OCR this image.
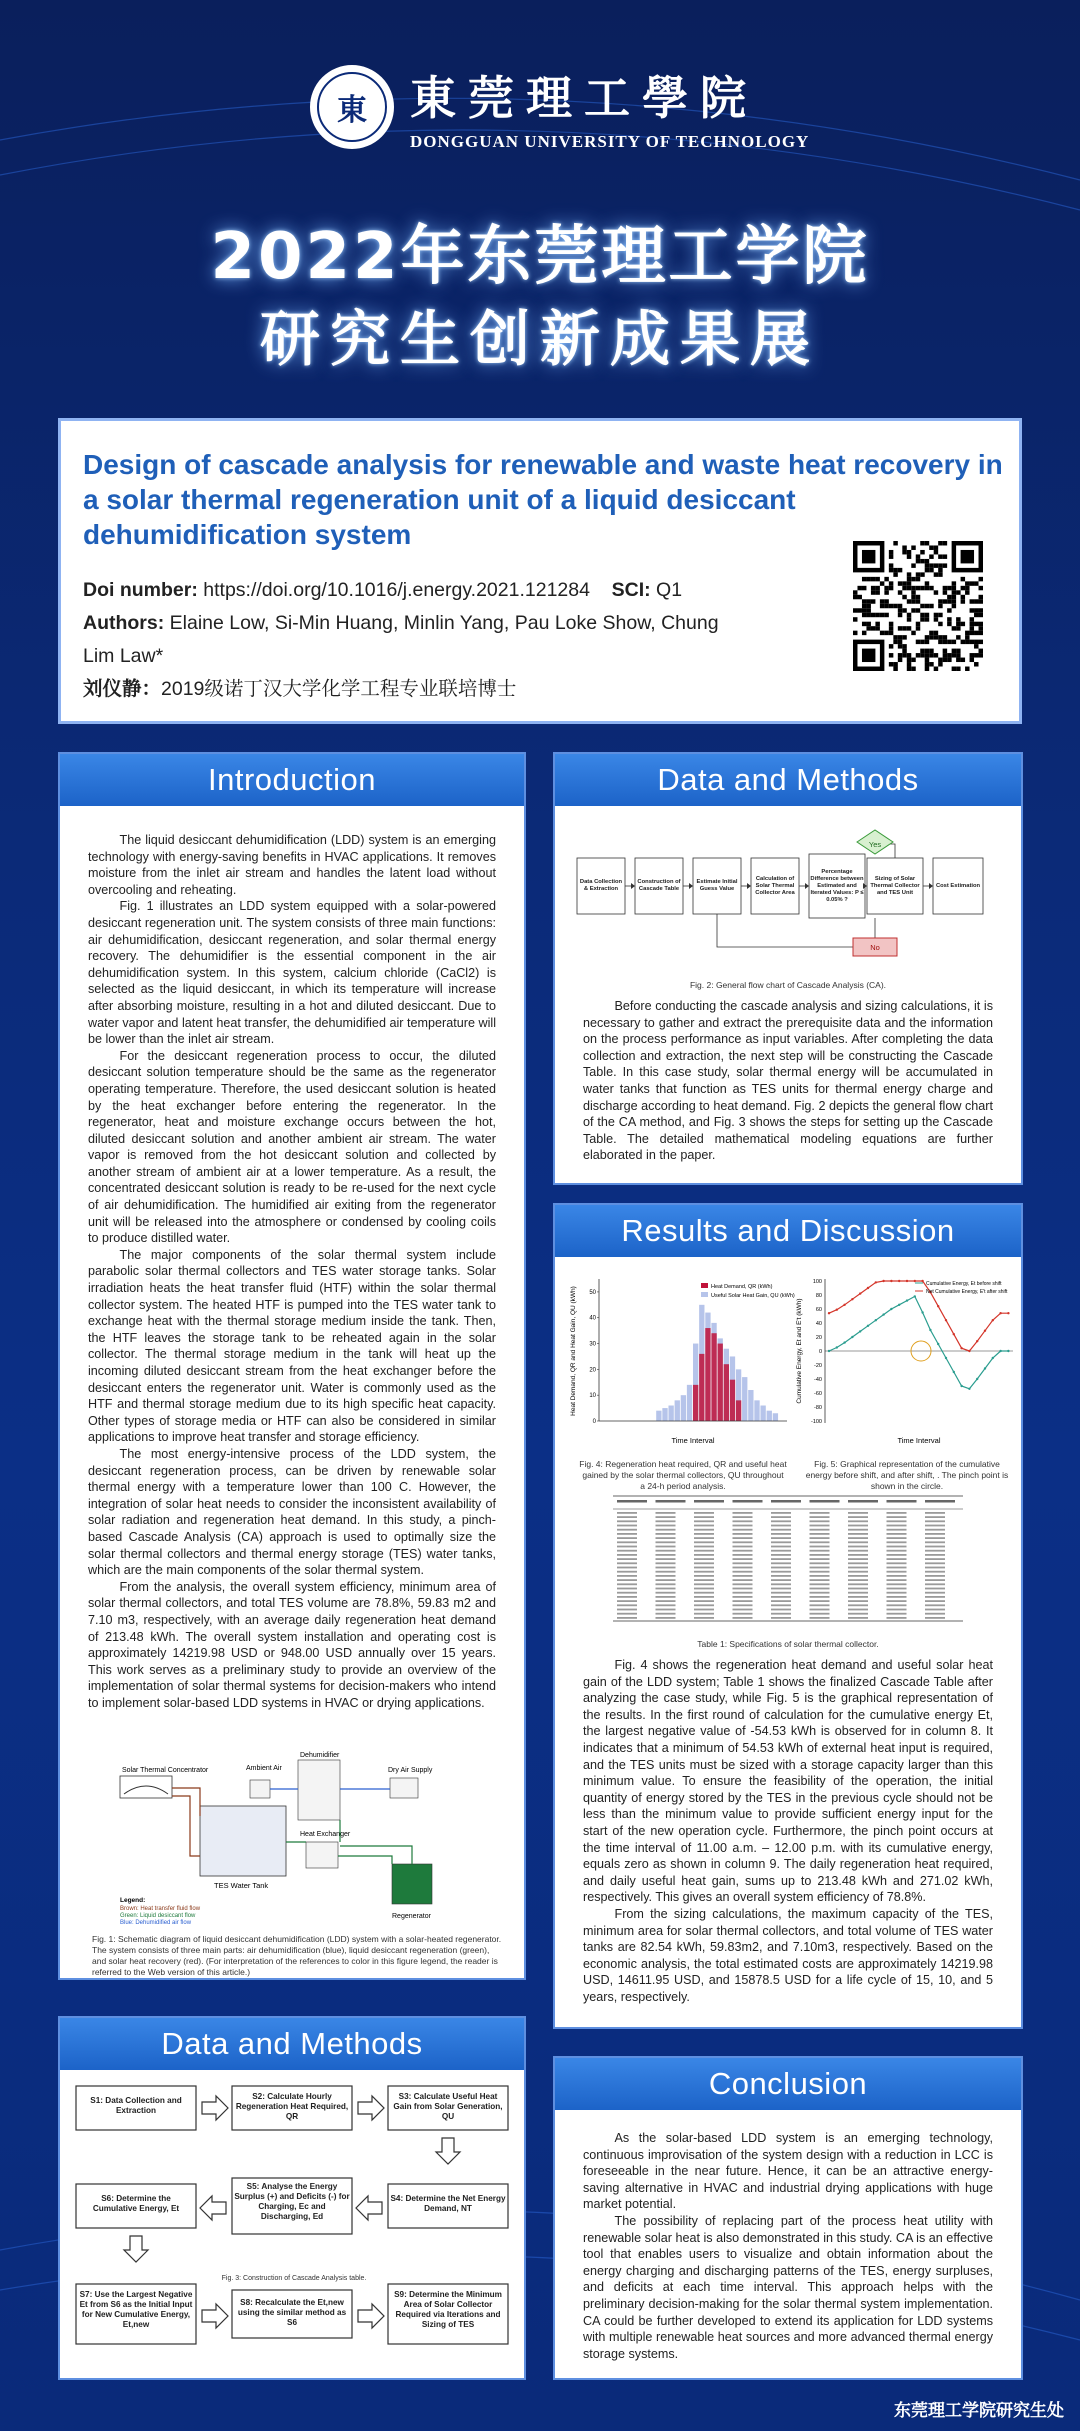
東 東莞理工學院
DONGGUAN UNIVERSITY OF TECHNOLOGY
2022年东莞理工学院
研究生创新成果展
Design of cascade analysis for renewable and waste heat recovery in a solar thermal regeneration unit of a liquid desiccant dehumidification system
Doi number: https://doi.org/10.1016/j.energy.2021.121284 SCI: Q1
Authors: Elaine Low, Si-Min Huang, Minlin Yang, Pau Loke Show, Chung Lim Law*
刘仪静：2019级诺丁汉大学化学工程专业联培博士
Introduction

The liquid desiccant dehumidification (LDD) system is an emerging technology with energy-saving benefits in HVAC applications. It removes moisture from the inlet air stream and handles the latent load without overcooling and reheating.

Fig. 1 illustrates an LDD system equipped with a solar-powered desiccant regeneration unit. The system consists of three main functions: air dehumidification, desiccant regeneration, and solar thermal energy recovery. The dehumidifier is the essential component in the air dehumidification system. In this system, calcium chloride (CaCl2) is selected as the liquid desiccant, in which its temperature will increase after absorbing moisture, resulting in a hot and diluted desiccant. Due to water vapor and latent heat transfer, the dehumidified air temperature will be lower than the inlet air stream.

For the desiccant regeneration process to occur, the diluted desiccant solution temperature should be the same as the regenerator operating temperature. Therefore, the used desiccant solution is heated by the heat exchanger before entering the regenerator. In the regenerator, heat and moisture exchange occurs between the hot, diluted desiccant solution and another ambient air stream. The water vapor is removed from the hot desiccant solution and collected by another stream of ambient air at a lower temperature. As a result, the concentrated desiccant solution is ready to be re-used for the next cycle of air dehumidification. The humidified air exiting from the regenerator unit will be released into the atmosphere or condensed by cooling coils to produce distilled water.

The major components of the solar thermal system include parabolic solar thermal collectors and TES water storage tanks. Solar irradiation heats the heat transfer fluid (HTF) within the solar thermal collector system. The heated HTF is pumped into the TES water tank to exchange heat with the thermal storage medium inside the tank. Then, the HTF leaves the storage tank to be reheated again in the solar collector. The thermal storage medium in the tank will heat up the incoming diluted desiccant stream from the heat exchanger before the desiccant enters the regenerator unit. Water is commonly used as the HTF and thermal storage medium due to its high specific heat capacity. Other types of storage media or HTF can also be considered in similar applications to improve heat transfer and storage efficiency.

The most energy-intensive process of the LDD system, the desiccant regeneration process, can be driven by renewable solar thermal energy with a temperature lower than 100 C. However, the integration of solar heat needs to consider the inconsistent availability of solar radiation and regeneration heat demand. In this study, a pinch-based Cascade Analysis (CA) approach is used to optimally size the solar thermal collectors and thermal energy storage (TES) water tanks, which are the main components of the solar thermal system.

From the analysis, the overall system efficiency, minimum area of solar thermal collectors, and total TES volume are 78.8%, 59.83 m2 and 7.10 m3, respectively, with an average daily regeneration heat demand of 213.48 kWh. The overall system installation and operating cost is approximately 14219.98 USD or 948.00 USD annually over 15 years. This work serves as a preliminary study to provide an overview of the implementation of solar thermal systems for decision-makers who intend to implement solar-based LDD systems in HVAC or drying applications.

Solar Thermal Concentrator	Ambient Air
Dehumidifier
Dry Air Supply
TES Water Tank
Heat Exchanger
Regenerator
Legend:
Brown: Heat transfer fluid flow
Green: Liquid desiccant flow
Blue: Dehumidified air flow
Fig. 1: Schematic diagram of liquid desiccant dehumidification (LDD) system with a solar-heated regenerator. The system consists of three main parts: air dehumidification (blue), liquid desiccant regeneration (green), and solar heat recovery (red). (For interpretation of the references to color in this figure legend, the reader is referred to the Web version of this article.)
Data and Methods
Data Collection & Extraction
Construction of Cascade Table
Estimate Initial Guess Value
Calculation of Solar Thermal Collector Area
Percentage Difference between Estimated and Iterated Values: P ≤ 0.05% ?
Sizing of Solar Thermal Collector and TES Unit
Cost Estimation
Yes
No
Fig. 2: General flow chart of Cascade Analysis (CA).

Before conducting the cascade analysis and sizing calculations, it is necessary to gather and extract the prerequisite data and the information on the process performance as input variables. After completing the data collection and extraction, the next step will be constructing the Cascade Table. In this case study, solar thermal energy will be accumulated in water tanks that function as TES units for thermal energy charge and discharge according to heat demand. Fig. 2 depicts the general flow chart of the CA method, and Fig. 3 shows the steps for setting up the Cascade Table. The detailed mathematical modeling equations are further elaborated in the paper.

Results and Discussion
0
10
20
30
40
50
Heat Demand, QR and Heat Gain, QU (kWh)
Time Interval
Heat Demand, QR (kWh)
Useful Solar Heat Gain, QU (kWh)
100
80
60
40
20
0
-20
-40
-60
-80
-100
Cumulative Energy, Et and E't (kWh)
Time Interval
Cumulative Energy, Et before shift
Net Cumulative Energy, E't after shift
Fig. 4: Regeneration heat required, QR and useful heat gained by the solar thermal collectors, QU throughout a 24-h period analysis.
Fig. 5: Graphical representation of the cumulative energy before shift, and after shift, . The pinch point is shown in the circle.
Table 1: Specifications of solar thermal collector.

Fig. 4 shows the regeneration heat demand and useful solar heat gain of the LDD system; Table 1 shows the finalized Cascade Table after analyzing the case study, while Fig. 5 is the graphical representation of the results. In the first round of calculation for the cumulative energy Et, the largest negative value of -54.53 kWh is observed for in column 8. It indicates that a minimum of 54.53 kWh of external heat input is required, and the TES units must be sized with a storage capacity larger than this minimum value. To ensure the feasibility of the operation, the initial quantity of energy stored by the TES in the previous cycle should not be less than the minimum value to provide sufficient energy input for the start of the new operation cycle. Furthermore, the pinch point occurs at the time interval of 11.00 a.m. – 12.00 p.m. with its cumulative energy, equals zero as shown in column 9. The daily regeneration heat required, and daily useful heat gain, sums up to 213.48 kWh and 271.02 kWh, respectively. This gives an overall system efficiency of 78.8%.

From the sizing calculations, the maximum capacity of the TES, minimum area for solar thermal collectors, and total volume of TES water tanks are 82.54 kWh, 59.83m2, and 7.10m3, respectively. Based on the economic analysis, the total estimated costs are approximately 14219.98 USD, 14611.95 USD, and 15878.5 USD for a life cycle of 15, 10, and 5 years, respectively.

Data and Methods
S1: Data Collection and Extraction
S2: Calculate Hourly Regeneration Heat Required, QR
S3: Calculate Useful Heat Gain from Solar Generation, QU
S6: Determine the Cumulative Energy, Et
S5: Analyse the Energy Surplus (+) and Deficits (-) for Charging, Ec and Discharging, Ed
S4: Determine the Net Energy Demand, NT
S7: Use the Largest Negative Et from S6 as the Initial Input for New Cumulative Energy, Et,new
S8: Recalculate the Et,new using the similar method as S6
S9: Determine the Minimum Area of Solar Collector Required via Iterations and Sizing of TES
Fig. 3: Construction of Cascade Analysis table.
Conclusion

As the solar-based LDD system is an emerging technology, continuous improvisation of the system design with a reduction in LCC is foreseeable in the near future. Hence, it can be an attractive energy-saving alternative in HVAC and industrial drying applications with huge market potential.

The possibility of replacing part of the process heat utility with renewable solar heat is also demonstrated in this study. CA is an effective tool that enables users to visualize and obtain information about the energy charging and discharging patterns of the TES, energy surpluses, and deficits at each time interval. This approach helps with the preliminary decision-making for the solar thermal system implementation. CA could be further developed to extend its application for LDD systems with multiple renewable heat sources and more advanced thermal energy storage systems.

东莞理工学院研究生处
